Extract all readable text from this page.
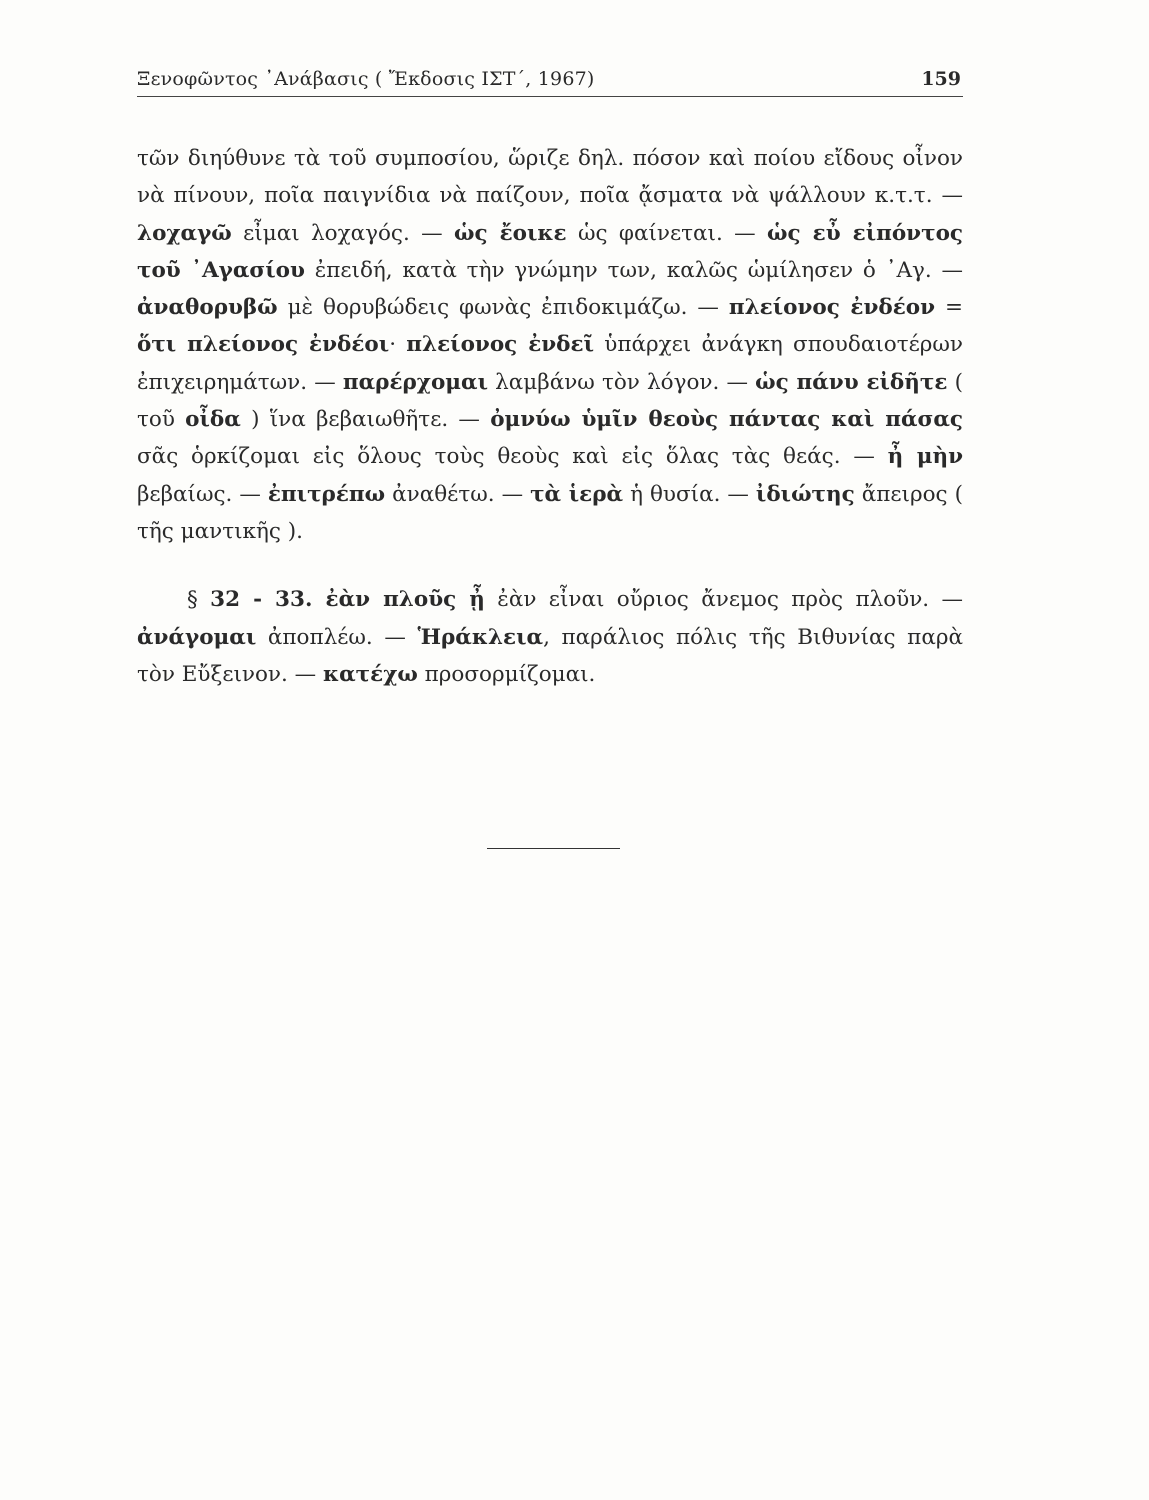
Ξενοφῶντος ᾿Ανάβασις ( Ἔκδοσις ΙΣΤ΄, 1967)	159

τῶν διηύθυνε τὰ τοῦ συμποσίου, ὥριζε δηλ. πόσον καὶ ποίου εἴδους οἶνον νὰ πίνουν, ποῖα παιγνίδια νὰ παίζουν, ποῖα ᾄσματα νὰ ψάλλουν κ.τ.τ. — λοχαγῶ εἶμαι λοχαγός. — ὡς ἔοικε ὡς φαίνεται. — ὡς εὖ εἰπόντος τοῦ ᾿Αγασίου ἐπειδή, κατὰ τὴν γνώμην των, καλῶς ὡμίλησεν ὁ ᾿Αγ. — ἀναθορυβῶ μὲ θορυβώδεις φωνὰς ἐπιδοκιμάζω. — πλείονος ἐνδέον = ὅτι πλείονος ἐνδέοι· πλείονος ἐνδεῖ ὑπάρχει ἀνάγκη σπουδαιοτέρων ἐπιχειρημάτων. — παρέρχομαι λαμβάνω τὸν λόγον. — ὡς πάνυ εἰδῆτε ( τοῦ οἶδα ) ἵνα βεβαιωθῆτε. — ὀμνύω ὑμῖν θεοὺς πάντας καὶ πάσας σᾶς ὁρκίζομαι εἰς ὅλους τοὺς θεοὺς καὶ εἰς ὅλας τὰς θεάς. — ἦ μὴν βεβαίως. — ἐπιτρέπω ἀναθέτω. — τὰ ἱερὰ ἡ θυσία. — ἰδιώτης ἄπειρος ( τῆς μαντικῆς ).

§ 32 - 33. ἐὰν πλοῦς ᾖ ἐὰν εἶναι οὔριος ἄνεμος πρὸς πλοῦν. — ἀνάγομαι ἀποπλέω. — Ἡράκλεια, παράλιος πόλις τῆς Βιθυνίας παρὰ τὸν Εὔξεινον. — κατέχω προσορμίζομαι.
